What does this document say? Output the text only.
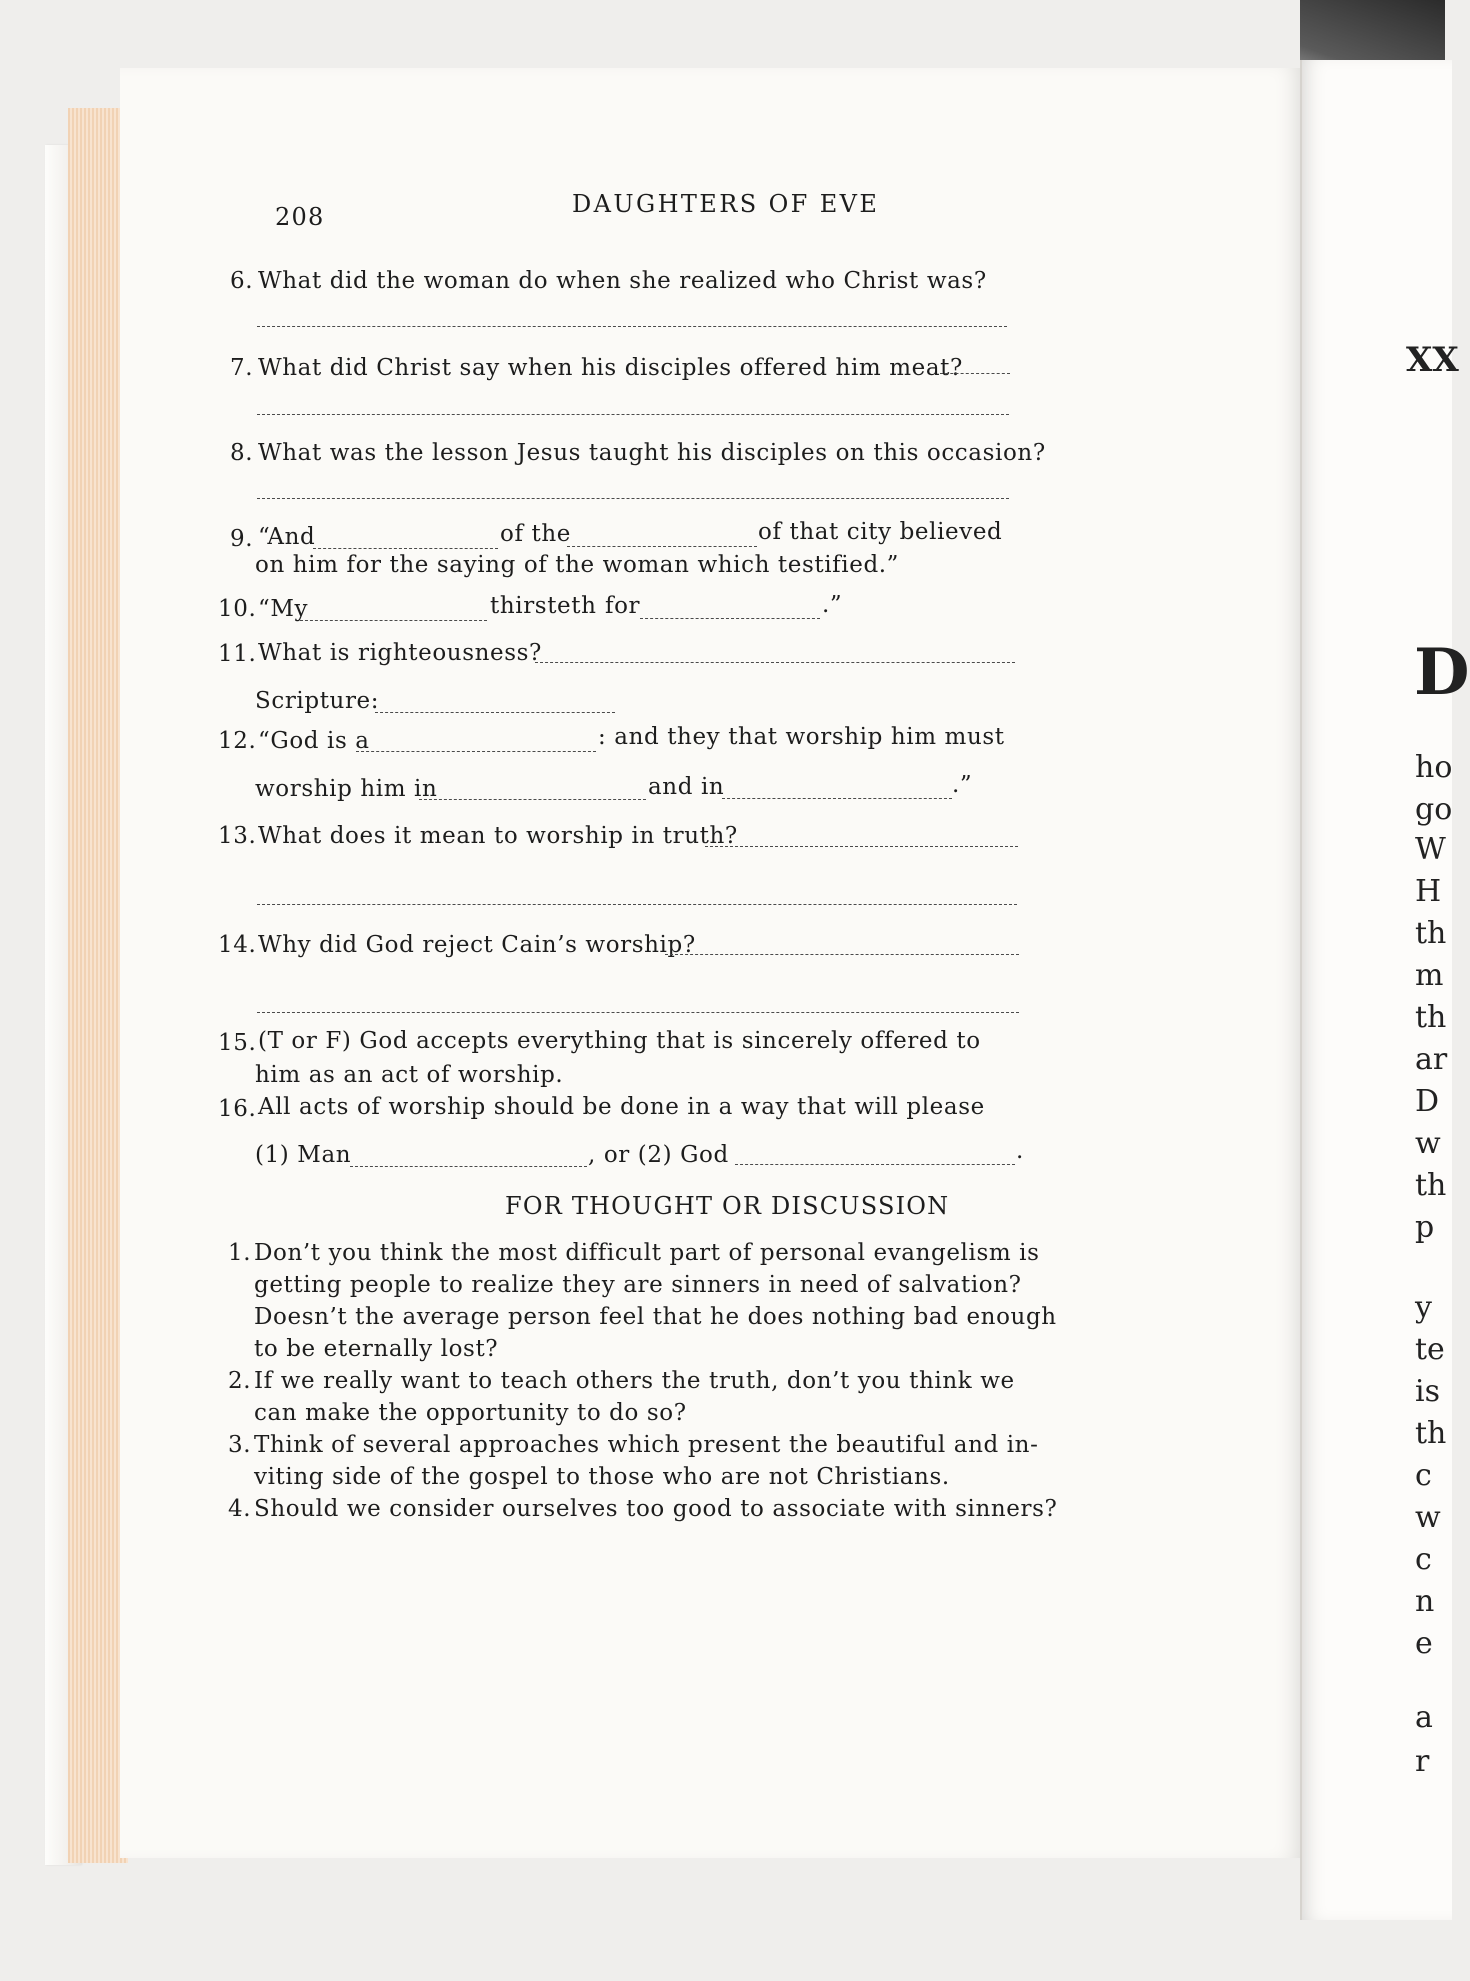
208	DAUGHTERS OF EVE
6. What did the woman do when she realized who Christ was?
7. What did Christ say when his disciples offered him meat?
8. What was the lesson Jesus taught his disciples on this occasion?
9. “And	of the	of that city believed
on him for the saying of the woman which testified.”
10. “My	thirsteth for	.”
11. What is righteousness?
Scripture:
12. “God is a	: and they that worship him must
worship him in	and in	.”
13. What does it mean to worship in truth?
14. Why did God reject Cain’s worship?
15. (T or F) God accepts everything that is sincerely offered to
him as an act of worship.
16. All acts of worship should be done in a way that will please
(1) Man	, or (2) God	.
FOR THOUGHT OR DISCUSSION
1. Don’t you think the most difficult part of personal evangelism is
getting people to realize they are sinners in need of salvation?
Doesn’t the average person feel that he does nothing bad enough
to be eternally lost?
2. If we really want to teach others the truth, don’t you think we
can make the opportunity to do so?
3. Think of several approaches which present the beautiful and in-
viting side of the gospel to those who are not Christians.
4. Should we consider ourselves too good to associate with sinners?
XX
D
ho
go
W
H
th
m
th
ar
D
w
th
p
y
te
is
th
c
w
c
n
e
a
r
